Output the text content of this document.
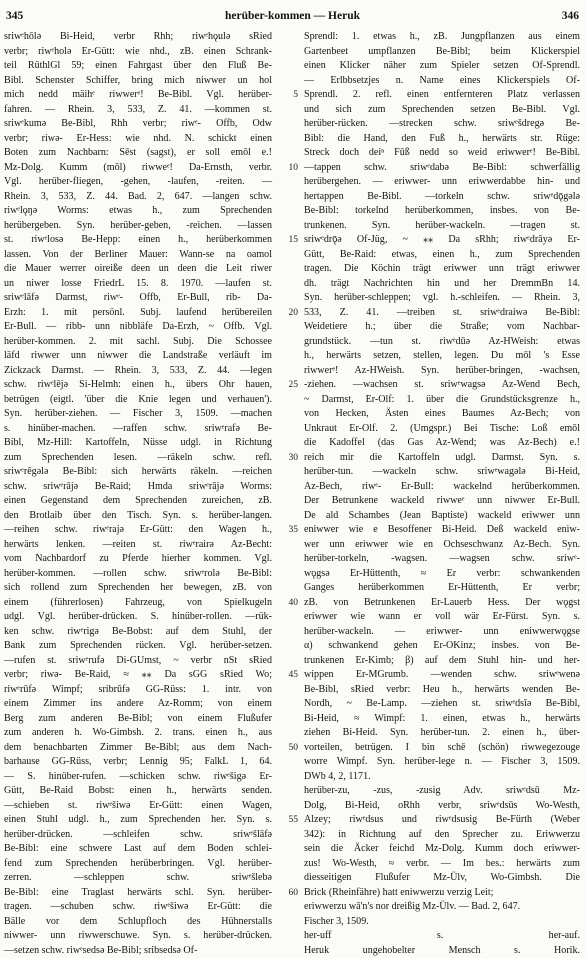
345	herüber-kommen — Heruk	346
sriwᵉhōlə Bi-Heid, verbr Rhh; riwᵉhǫulə sRied
verbr; riwᵉholə Er-Gütt: wie nhd., zB. einen Schrank-
teil RüthlGl 59; einen Fahrgast über den Fluß Be-
Bibl. Schenster Schiffer, bring mich niwwer un hol
mich nedd mäihᵉ riwwerᵉ! Be-Bibl. Vgl. herüber-
fahren. — Rhein. 3, 533, Z. 41. —kommen st.
sriwᵉkumə Be-Bibl, Rhh verbr; riwᵉ- Offb, Odw
verbr; riwə- Er-Hess: wie nhd. N. schickt einen
Boten zum Nachbarn: Sēst (sagst), er soll emōl e.!
Mz-Dolg. Kumm (mōl) riwweᵉ! Da-Ernsth, verbr.
Vgl. herüber-fliegen, -gehen, -laufen, -reiten. —
Rhein. 3, 533, Z. 44. Bad. 2, 647. —langen schw.
riwᵉlǫŋə Worms: etwas h., zum Sprechenden
herübergeben. Syn. herüber-geben, -reichen. —lassen
st. riwᵉlosə Be-Hepp: einen h., herüberkommen
lassen. Von der Berliner Mauer: Wann-se na oamol
die Mauer werrer oireiße deen un deen die Leit riwer
un niwer losse FriedrL 15. 8. 1970. —laufen st.
sriwᵉlāfə Darmst, riwᵉ- Offb, Er-Bull, rib- Da-
Erzh: 1. mit persönl. Subj. laufend herübereilen
Er-Bull. — ribb- unn nibbläfe Da-Erzh, ~ Offb. Vgl.
herüber-kommen. 2. mit sachl. Subj. Die Schossee
läfd riwwer unn niwwer die Landstraße verläuft im
Zickzack Darmst. — Rhein. 3, 533, Z. 44. —legen
schw. riwᵉlējə Si-Helmh: einen h., übers Ohr hauen,
betrügen (eigtl. 'über die Knie legen und verhauen').
Syn. herüber-ziehen. — Fischer 3, 1509. —machen
s. hinüber-machen. —raffen schw. sriwᵉrafə Be-
Bibl, Mz-Hill: Kartoffeln, Nüsse udgl. in Richtung
zum Sprechenden lesen. —räkeln schw. refl.
sriwᵉrēgələ Be-Bibl: sich herwärts räkeln. —reichen
schw. sriwᵉrājə Be-Raid; Hmda sriwᵉrājə Worms:
einen Gegenstand dem Sprechenden zureichen, zB.
den Brotlaib über den Tisch. Syn. s. herüber-langen.
—reihen schw. riwᵉrajə Er-Gütt: den Wagen h.,
herwärts lenken. —reiten st. riwᵉrairə Az-Becht:
vom Nachbardorf zu Pferde hierher kommen. Vgl.
herüber-kommen. —rollen schw. sriwᵉrolə Be-Bibl:
sich rollend zum Sprechenden her bewegen, zB. von
einem (führerlosen) Fahrzeug, von Spielkugeln
udgl. Vgl. herüber-drücken. S. hinüber-rollen. —rük-
ken schw. riwᵉrigə Be-Bobst: auf dem Stuhl, der
Bank zum Sprechenden rücken. Vgl. herüber-setzen.
—rufen st. sriwᵉrufə Di-GUmst, ~ verbr nSt sRied
verbr; riwə- Be-Raid, ≈ ⁎⁎ Da sGG sRied Wo;
riwᵉrūfə Wimpf; sribrūfə GG-Rüss: 1. intr. von
einem Zimmer ins andere Az-Romm; von einem
Berg zum anderen Be-Bibl; von einem Flußufer
zum anderen h. Wo-Gimbsh. 2. trans. einen h., aus
dem benachbarten Zimmer Be-Bibl; aus dem Nach-
barhause GG-Rüss, verbr; Lennig 95; FalkL 1, 64.
— S. hinüber-rufen. —schicken schw. riwᵉšigə Er-
Gütt, Be-Raid Bobst: einen h., herwärts senden.
—schieben st. riwᵉšiwə Er-Gütt: einen Wagen,
einen Stuhl udgl. h., zum Sprechenden her. Syn. s.
herüber-drücken. —schleifen schw. sriwᵉšlāfə
Be-Bibl: eine schwere Last auf dem Boden schlei-
fend zum Sprechenden herüberbringen. Vgl. herüber-
zerren. —schleppen schw. sriwᵉšlebə
Be-Bibl: eine Traglast herwärts schl. Syn. herüber-
tragen. —schuben schw. riwᵉšiwə Er-Gütt: die
Bälle vor dem Schlupfloch des Hühnerstalls
niwwer- unn riwwerschuwe. Syn. s. herüber-drücken.
—setzen schw. riwᵉsedsə Be-Bibl; sribsedsə Of-
5
10
15
20
25
30
35
40
45
50
55
60
Sprendl: 1. etwas h., zB. Jungpflanzen aus einem
Gartenbeet umpflanzen Be-Bibl; beim Klickerspiel
einen Klicker näher zum Spieler setzen Of-Sprendl.
— Erlbbsetzjes n. Name eines Klickerspiels Of-
Sprendl. 2. refl. einen entfernteren Platz verlassen
und sich zum Sprechenden setzen Be-Bibl. Vgl.
herüber-rücken. —strecken schw. sriwᵉšdregə Be-
Bibl: die Hand, den Fuß h., herwärts str. Rüge:
Streck doch deiⁿ Fūß nedd so weid eriwwerᵉ! Be-Bibl.
—tappen schw. sriwᵉdabə Be-Bibl: schwerfällig
herübergehen. — eriwwer- unn eriwwerdabbe hin- und
hertappen Be-Bibl. —torkeln schw. sriwᵉdǭgələ
Be-Bibl: torkelnd herüberkommen, insbes. von Be-
trunkenen. Syn. herüber-wackeln. —tragen st.
sriwᵉdrǭə Of-Jüg, ~ ⁎⁎ Da sRhh; riwᵉdrāyə Er-
Gütt, Be-Raid: etwas, einen h., zum Sprechenden
tragen. Die Köchin trägt eriwwer unn trägt eriwwer
dh. trägt Nachrichten hin und her DremmBn 14.
Syn. herüber-schleppen; vgl. h.-schleifen. — Rhein. 3,
533, Z. 41. —treiben st. sriwᵉdraiwə Be-Bibl:
Weidetiere h.; über die Straße; vom Nachbar-
grundstück. —tun st. riwᵉdūə Az-HWeish: etwas
h., herwärts setzen, stellen, legen. Du mōl 's Esse
riwwerᵉ! Az-HWeish. Syn. herüber-bringen, -wachsen,
-ziehen. —wachsen st. sriwᵉwagsə Az-Wend Bech,
~ Darmst, Er-Olf: 1. über die Grundstücksgrenze h.,
von Hecken, Ästen eines Baumes Az-Bech; von
Unkraut Er-Olf. 2. (Umgspr.) Bei Tische: Loß emōl
die Kadoffel (das Gas Az-Wend; was Az-Bech) e.!
reich mir die Kartoffeln udgl. Darmst. Syn. s.
herüber-tun. —wackeln schw. sriwᵉwagələ Bi-Heid,
Az-Bech, riwᵉ- Er-Bull: wackelnd herüberkommen.
Der Betrunkene wackeld riwweᵉ unn niwwer Er-Bull.
De ald Schambes (Jean Baptiste) wackeld eriwwer unn
eniwwer wie e Besoffener Bi-Heid. Deß wackeld eniw-
wer unn eriwwer wie en Ochseschwanz Az-Bech. Syn.
herüber-torkeln, -wagsen. —wagsen schw. sriwᵉ-
wǫgsə Er-Hüttenth, ≈ Er verbr: schwankenden
Ganges herüberkommen Er-Hüttenth, Er verbr;
zB. von Betrunkenen Er-Lauerb Hess. Der wǫgst
eriwwer wie wann er voll wär Er-Fürst. Syn. s.
herüber-wackeln. — eriwwer- unn eniwwerwǫgse
α) schwankend gehen Er-OKinz; insbes. von Be-
trunkenen Er-Kimb; β) auf dem Stuhl hin- und her-
wippen Er-MGrumb. —wenden schw. sriwᵉwenə
Be-Bibl, sRied verbr: Heu h., herwärts wenden Be-
Nordh, ~ Be-Lamp. —ziehen st. sriwᵉdsīə Be-Bibl,
Bi-Heid, ≈ Wimpf: 1. einen, etwas h., herwärts
ziehen Bi-Heid. Syn. herüber-tun. 2. einen h., über-
vorteilen, betrügen. I bin schē (schön) riwwegezouge
worre Wimpf. Syn. herüber-lege n. — Fischer 3, 1509.
DWb 4, 2, 1171.
herüber-zu, -zus, -zusig Adv. sriwᵉdsū Mz-
Dolg, Bi-Heid, oRhh verbr, sriwᵉdsūs Wo-Westh,
Alzey; riwᵉdsus und riwᵉdsusig Be-Fürth (Weber
342): in Richtung auf den Sprecher zu. Eriwwerzu
sein die Äcker feichd Mz-Dolg. Kumm doch eriwwer-
zus! Wo-Westh, ≈ verbr. — Im bes.: herwärts zum
diesseitigen Flußufer Mz-Ülv, Wo-Gimbsh. Die
Brick (Rheinfähre) hatt eniwwerzu verzig Leit;
eriwwerzu wā'n's nor dreißig Mz-Ülv. — Bad. 2, 647.
Fischer 3, 1509.
her-uff s. her-auf.
Heruk ungehobelter Mensch s. Horik.
